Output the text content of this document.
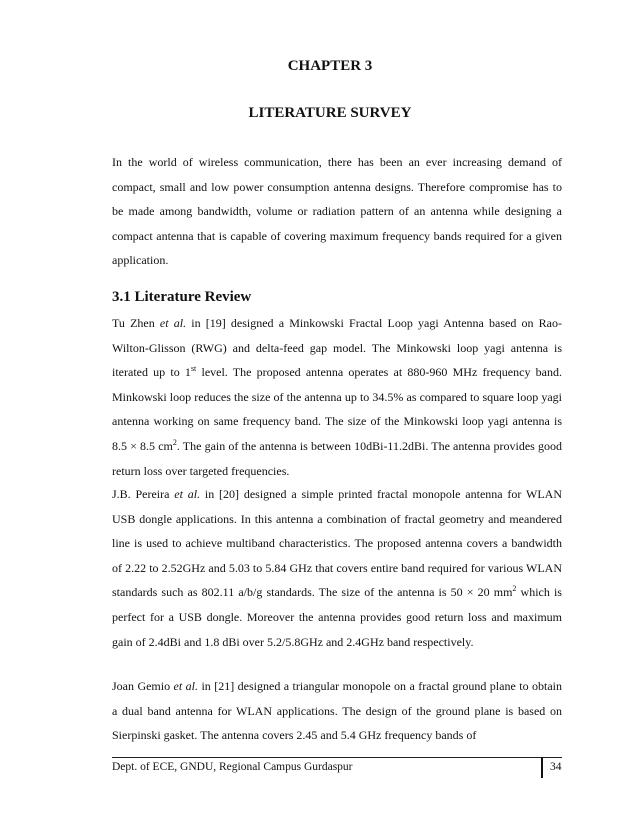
CHAPTER 3
LITERATURE SURVEY

In the world of wireless communication, there has been an ever increasing demand of compact, small and low power consumption antenna designs. Therefore compromise has to be made among bandwidth, volume or radiation pattern of an antenna while designing a compact antenna that is capable of covering maximum frequency bands required for a given application.

3.1 Literature Review

Tu Zhen et al. in [19] designed a Minkowski Fractal Loop yagi Antenna based on Rao-Wilton-Glisson (RWG) and delta-feed gap model. The Minkowski loop yagi antenna is iterated up to 1st level. The proposed antenna operates at 880-960 MHz frequency band. Minkowski loop reduces the size of the antenna up to 34.5% as compared to square loop yagi antenna working on same frequency band. The size of the Minkowski loop yagi antenna is 8.5 × 8.5 $cm^2$. The gain of the antenna is between 10dBi-11.2dBi. The antenna provides good return loss over targeted frequencies.

J.B. Pereira et al. in [20] designed a simple printed fractal monopole antenna for WLAN USB dongle applications. In this antenna a combination of fractal geometry and meandered line is used to achieve multiband characteristics. The proposed antenna covers a bandwidth of 2.22 to 2.52GHz and 5.03 to 5.84 GHz that covers entire band required for various WLAN standards such as 802.11 a/b/g standards. The size of the antenna is 50 × 20 $mm^2$ which is perfect for a USB dongle. Moreover the antenna provides good return loss and maximum gain of 2.4dBi and 1.8 dBi over 5.2/5.8GHz and 2.4GHz band respectively.

Joan Gemio et al. in [21] designed a triangular monopole on a fractal ground plane to obtain a dual band antenna for WLAN applications. The design of the ground plane is based on Sierpinski gasket. The antenna covers 2.45 and 5.4 GHz frequency bands of

Dept. of ECE, GNDU, Regional Campus Gurdaspur	34
